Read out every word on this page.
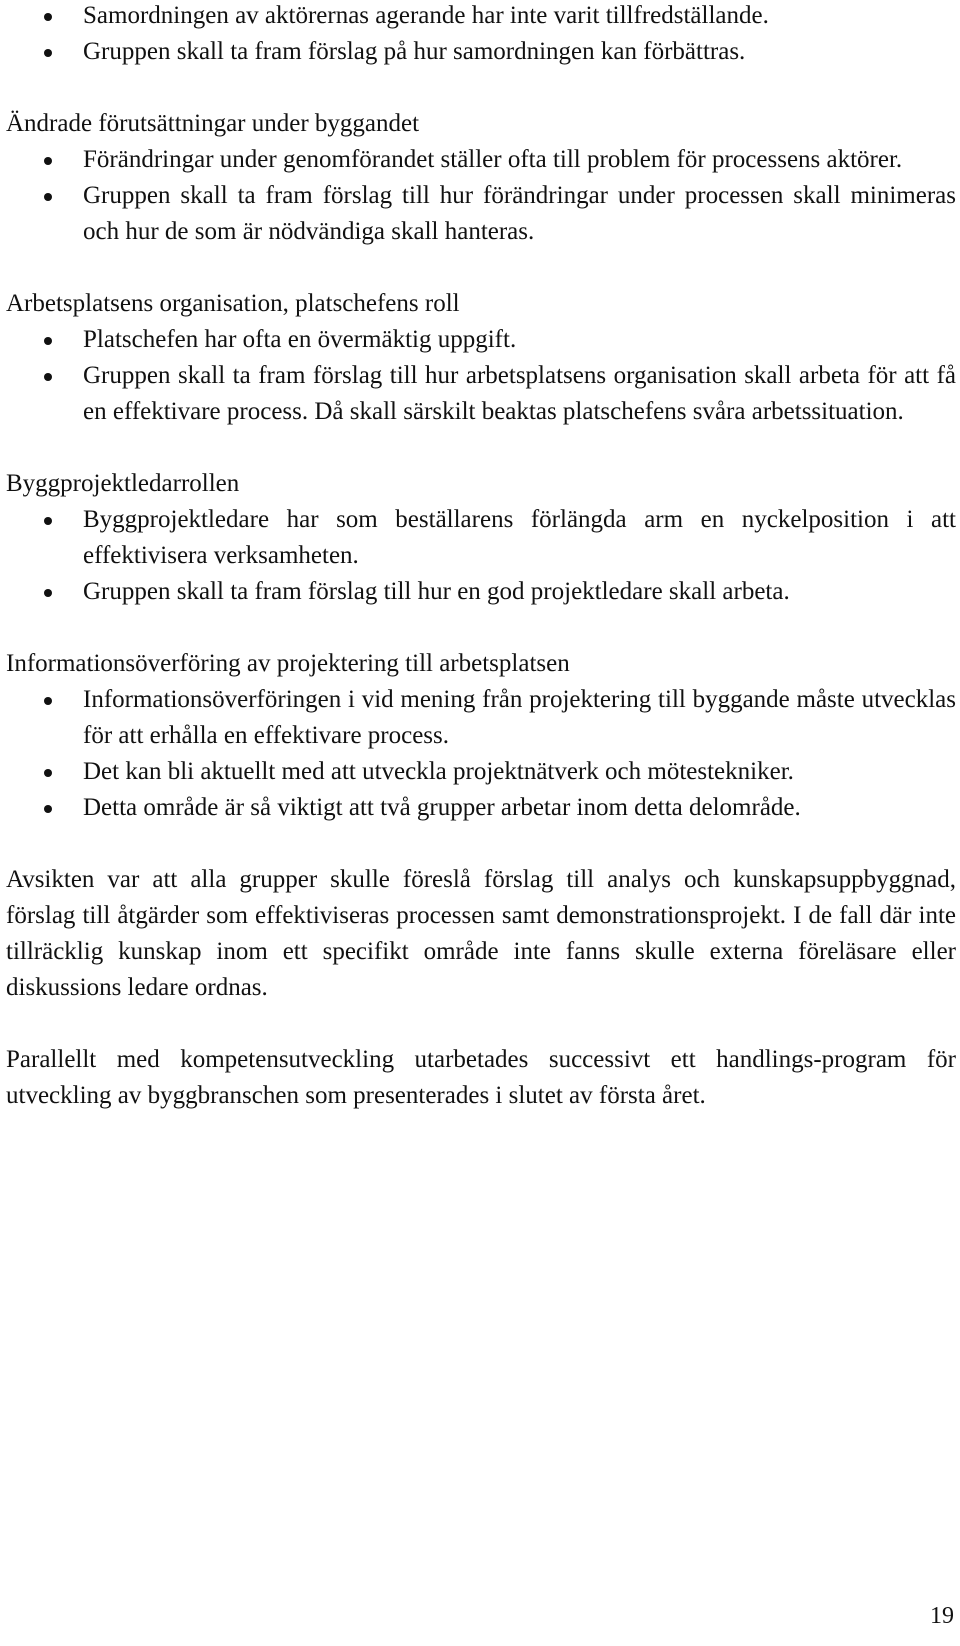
Samordningen av aktörernas agerande har inte varit tillfredställande.
Gruppen skall ta fram förslag på hur samordningen kan förbättras.
Ändrade förutsättningar under byggandet
Förändringar under genomförandet ställer ofta till problem för processens aktörer.
Gruppen skall ta fram förslag till hur förändringar under processen skall minimeras och hur de som är nödvändiga skall hanteras.
Arbetsplatsens organisation, platschefens roll
Platschefen har ofta en övermäktig uppgift.
Gruppen skall ta fram förslag till hur arbetsplatsens organisation skall arbeta för att få en effektivare process. Då skall särskilt beaktas platschefens svåra arbetssituation.
Byggprojektledarrollen
Byggprojektledare har som beställarens förlängda arm en nyckelposition i att effektivisera verksamheten.
Gruppen skall ta fram förslag till hur en god projektledare skall arbeta.
Informationsöverföring av projektering till arbetsplatsen
Informationsöverföringen i vid mening från projektering till byggande måste utvecklas för att erhålla en effektivare process.
Det kan bli aktuellt med att utveckla projektnätverk och mötestekniker.
Detta område är så viktigt att två grupper arbetar inom detta delområde.

Avsikten var att alla grupper skulle föreslå förslag till analys och kunskapsuppbyggnad, förslag till åtgärder som effektiviseras processen samt demonstrationsprojekt. I de fall där inte tillräcklig kunskap inom ett specifikt område inte fanns skulle externa föreläsare eller diskussions ledare ordnas.

Parallellt med kompetensutveckling utarbetades successivt ett handlings-program för utveckling av byggbranschen som presenterades i slutet av första året.

19
